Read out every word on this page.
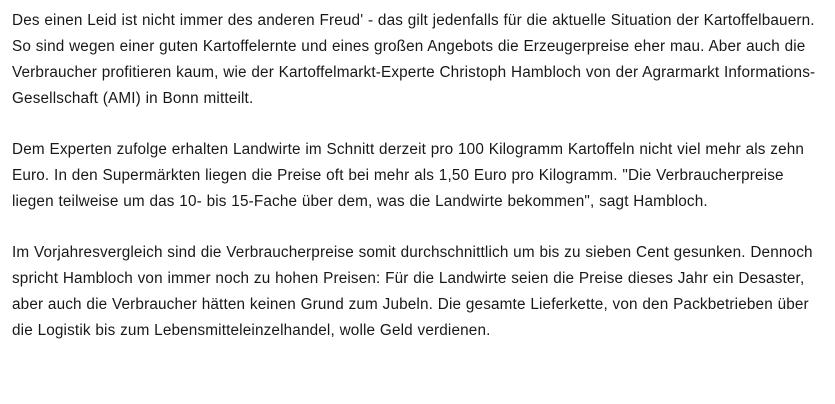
Des einen Leid ist nicht immer des anderen Freud' - das gilt jedenfalls für die aktuelle Situation der Kartoffelbauern. So sind wegen einer guten Kartoffelernte und eines großen Angebots die Erzeugerpreise eher mau. Aber auch die Verbraucher profitieren kaum, wie der Kartoffelmarkt-Experte Christoph Hambloch von der Agrarmarkt Informations-Gesellschaft (AMI) in Bonn mitteilt.

Dem Experten zufolge erhalten Landwirte im Schnitt derzeit pro 100 Kilogramm Kartoffeln nicht viel mehr als zehn Euro. In den Supermärkten liegen die Preise oft bei mehr als 1,50 Euro pro Kilogramm. "Die Verbraucherpreise liegen teilweise um das 10- bis 15-Fache über dem, was die Landwirte bekommen", sagt Hambloch.

Im Vorjahresvergleich sind die Verbraucherpreise somit durchschnittlich um bis zu sieben Cent gesunken. Dennoch spricht Hambloch von immer noch zu hohen Preisen: Für die Landwirte seien die Preise dieses Jahr ein Desaster, aber auch die Verbraucher hätten keinen Grund zum Jubeln. Die gesamte Lieferkette, von den Packbetrieben über die Logistik bis zum Lebensmitteleinzelhandel, wolle Geld verdienen.
